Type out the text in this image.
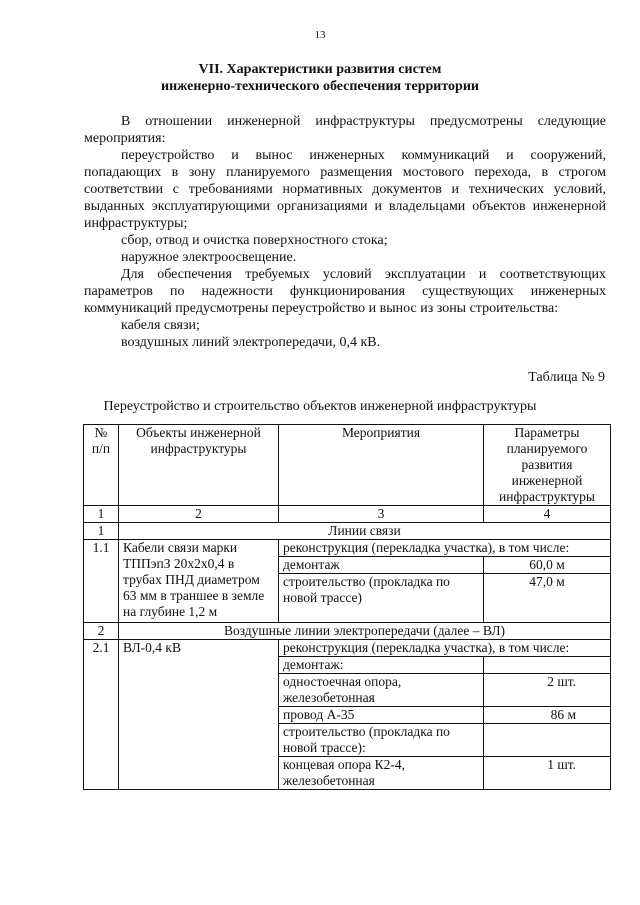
13
VII. Характеристики развития систем
инженерно-технического обеспечения территории

В отношении инженерной инфраструктуры предусмотрены следующие мероприятия:

переустройство и вынос инженерных коммуникаций и сооружений, попадающих в зону планируемого размещения мостового перехода, в строгом соответствии с требованиями нормативных документов и технических условий, выданных эксплуатирующими организациями и владельцами объектов инженерной инфраструктуры;

сбор, отвод и очистка поверхностного стока;

наружное электроосвещение.

Для обеспечения требуемых условий эксплуатации и соответствующих параметров по надежности функционирования существующих инженерных коммуникаций предусмотрены переустройство и вынос из зоны строительства:

кабеля связи;

воздушных линий электропередачи, 0,4 кВ.

Таблица № 9
Переустройство и строительство объектов инженерной инфраструктуры
№ п/п	Объекты инженерной инфраструктуры	Мероприятия	Параметры планируемого развития инженерной инфраструктуры
1	2	3	4
1	Линии связи		
1.1	Кабели связи марки ТППэпЗ 20х2х0,4 в трубах ПНД диаметром 63 мм в траншее в земле на глубине 1,2 м	реконструкция (перекладка участка), в том числе:	
		демонтаж	60,0 м
		строительство (прокладка по новой трассе)	47,0 м
2	Воздушные линии электропередачи (далее – ВЛ)		
2.1	ВЛ-0,4 кВ	реконструкция (перекладка участка), в том числе:	
		демонтаж:	
		одностоечная опора, железобетонная	2 шт.
		провод А-35	86 м
		строительство (прокладка по новой трассе):	
		концевая опора К2-4, железобетонная	1 шт.
